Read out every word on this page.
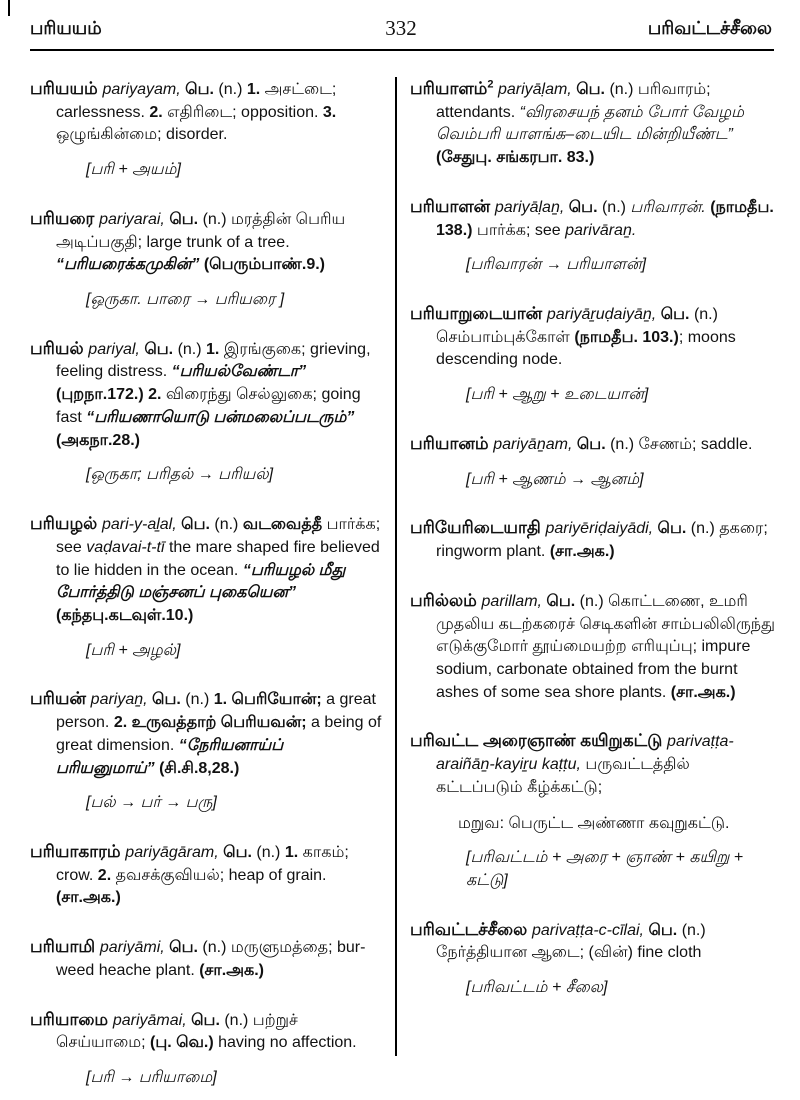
பரியயம்	332	பரிவட்டச்சீலை

பரியயம் pariyayam, பெ. (n.) 1. அசட்டை; carlessness. 2. எதிரிடை; opposition. 3. ஒழுங்கின்மை; disorder.

[பரி + அயம்]

பரியரை pariyarai, பெ. (n.) மரத்தின் பெரிய அடிப்பகுதி; large trunk of a tree. “பரியரைக்கமுகின்” (பெரும்பாண்.9.)

[ஒருகா. பாரை → பரியரை ]

பரியல் pariyal, பெ. (n.) 1. இரங்குகை; grieving, feeling distress. “பரியல்வேண்டா” (புறநா.172.) 2. விரைந்து செல்லுகை; going fast “பரியணாயொடு பன்மலைப்படரும்” (அகநா.28.)

[ஒருகா; பரிதல் → பரியல்]

பரியழல் pari-y-aḻal, பெ. (n.) வடவைத்தீ பார்க்க; see vaḍavai-t-tī the mare shaped fire believed to lie hidden in the ocean. “பரியழல் மீது போர்த்திடு மஞ்சனப் புகையென” (கந்தபு.கடவுள்.10.)

[பரி + அழல்]

பரியன் pariyaṉ, பெ. (n.) 1. பெரியோன்; a great person. 2. உருவத்தாற் பெரியவன்; a being of great dimension. “நேரியனாய்ப் பரியனுமாய்” (சி.சி.8,28.)

[பல் → பர் → பரு]

பரியாகாரம் pariyāgāram, பெ. (n.) 1. காகம்; crow. 2. தவசக்குவியல்; heap of grain. (சா.அக.)

பரியாமி pariyāmi, பெ. (n.) மருளுமத்தை; bur-weed heache plant. (சா.அக.)

பரியாமை pariyāmai, பெ. (n.) பற்றுச் செய்யாமை; (பு. வெ.) having no affection.

[பரி → பரியாமை]

பரியாளம்$^2$ pariyāḷam, பெ. (n.) பரிவாரம்; attendants. “விரசையந் தனம் போர் வேழம் வெம்பரி யாளங்க–டையிட மின்றியீண்ட” (சேதுபு. சங்கரபா. 83.)

பரியாளன் pariyāḷaṉ, பெ. (n.) பரிவாரன். (நாமதீப. 138.) பார்க்க; see parivāraṉ.

[பரிவாரன் → பரியாளன்]

பரியாறுடையான் pariyāṟuḍaiyāṉ, பெ. (n.) செம்பாம்புக்கோள் (நாமதீப. 103.); moons descending node.

[பரி + ஆறு + உடையான்]

பரியானம் pariyāṉam, பெ. (n.) சேணம்; saddle.

[பரி + ஆணம் → ஆனம்]

பரியேரிடையாதி pariyēriḍaiyādi, பெ. (n.) தகரை; ringworm plant. (சா.அக.)

பரில்லம் parillam, பெ. (n.) கொட்டணை, உமரி முதலிய கடற்கரைச் செடிகளின் சாம்பலிலிருந்து எடுக்குமோர் தூய்மையற்ற எரியுப்பு; impure sodium, carbonate obtained from the burnt ashes of some sea shore plants. (சா.அக.)

பரிவட்ட அரைஞாண் கயிறுகட்டு parivaṭṭa-araiñāṉ-kayiṟu kaṭṭu, பருவட்டத்தில் கட்டப்படும் கீழ்க்கட்டு;

மறுவ: பெருட்ட அண்ணா கவுறுகட்டு.

[பரிவட்டம் + அரை + ஞாண் + கயிறு + கட்டு]

பரிவட்டச்சீலை parivaṭṭa-c-cīlai, பெ. (n.) நேர்த்தியான ஆடை; (வின்) fine cloth

[பரிவட்டம் + சீலை]
